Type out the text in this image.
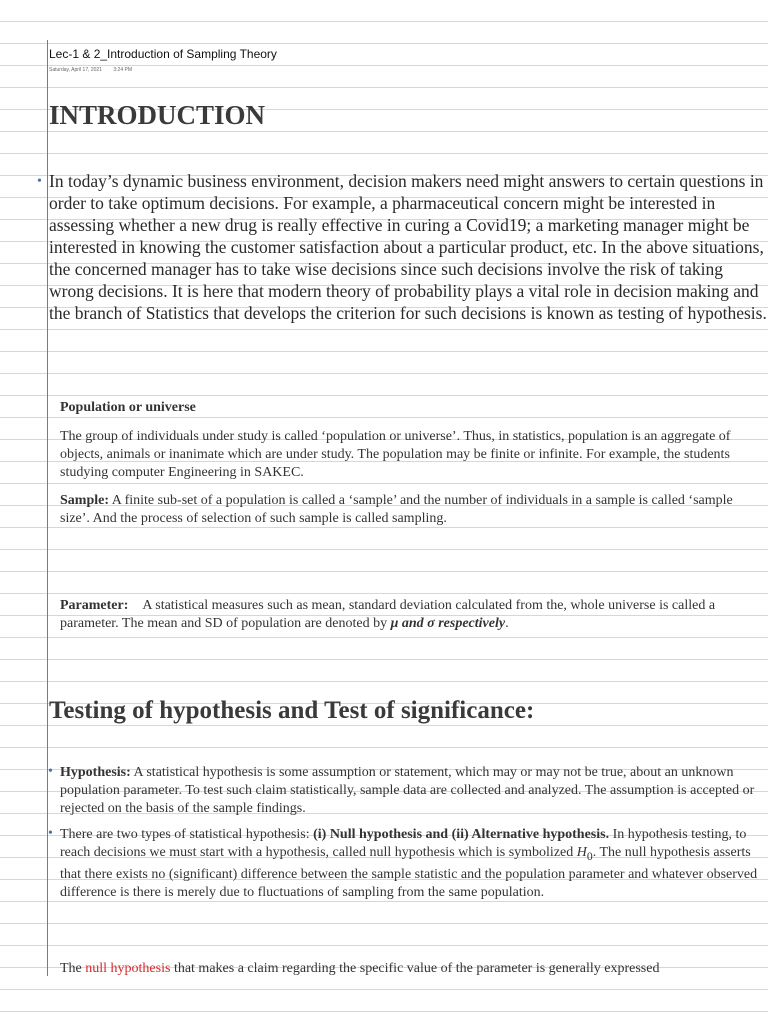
Lec-1 & 2_Introduction of Sampling Theory
Saturday, April 17, 2021 3:24 PM
INTRODUCTION
• In today’s dynamic business environment, decision makers need might answers to certain questions in order to take optimum decisions. For example, a pharmaceutical concern might be interested in assessing whether a new drug is really effective in curing a Covid19; a marketing manager might be interested in knowing the customer satisfaction about a particular product, etc. In the above situations, the concerned manager has to take wise decisions since such decisions involve the risk of taking wrong decisions. It is here that modern theory of probability plays a vital role in decision making and the branch of Statistics that develops the criterion for such decisions is known as testing of hypothesis.

Population or universe

The group of individuals under study is called ‘population or universe’. Thus, in statistics, population is an aggregate of objects, animals or inanimate which are under study. The population may be finite or infinite. For example, the students studying computer Engineering in SAKEC.

Sample: A finite sub-set of a population is called a ‘sample’ and the number of individuals in a sample is called ‘sample size’. And the process of selection of such sample is called sampling.

Parameter: A statistical measures such as mean, standard deviation calculated from the, whole universe is called a parameter. The mean and SD of population are denoted by μ and σ respectively.

Testing of hypothesis and Test of significance:
• Hypothesis: A statistical hypothesis is some assumption or statement, which may or may not be true, about an unknown population parameter. To test such claim statistically, sample data are collected and analyzed. The assumption is accepted or rejected on the basis of the sample findings.

• There are two types of statistical hypothesis: (i) Null hypothesis and (ii) Alternative hypothesis. In hypothesis testing, to reach decisions we must start with a hypothesis, called null hypothesis which is symbolized $H_0$. The null hypothesis asserts that there exists no (significant) difference between the sample statistic and the population parameter and whatever observed difference is there is merely due to fluctuations of sampling from the same population.

The null hypothesis that makes a claim regarding the specific value of the parameter is generally expressed
